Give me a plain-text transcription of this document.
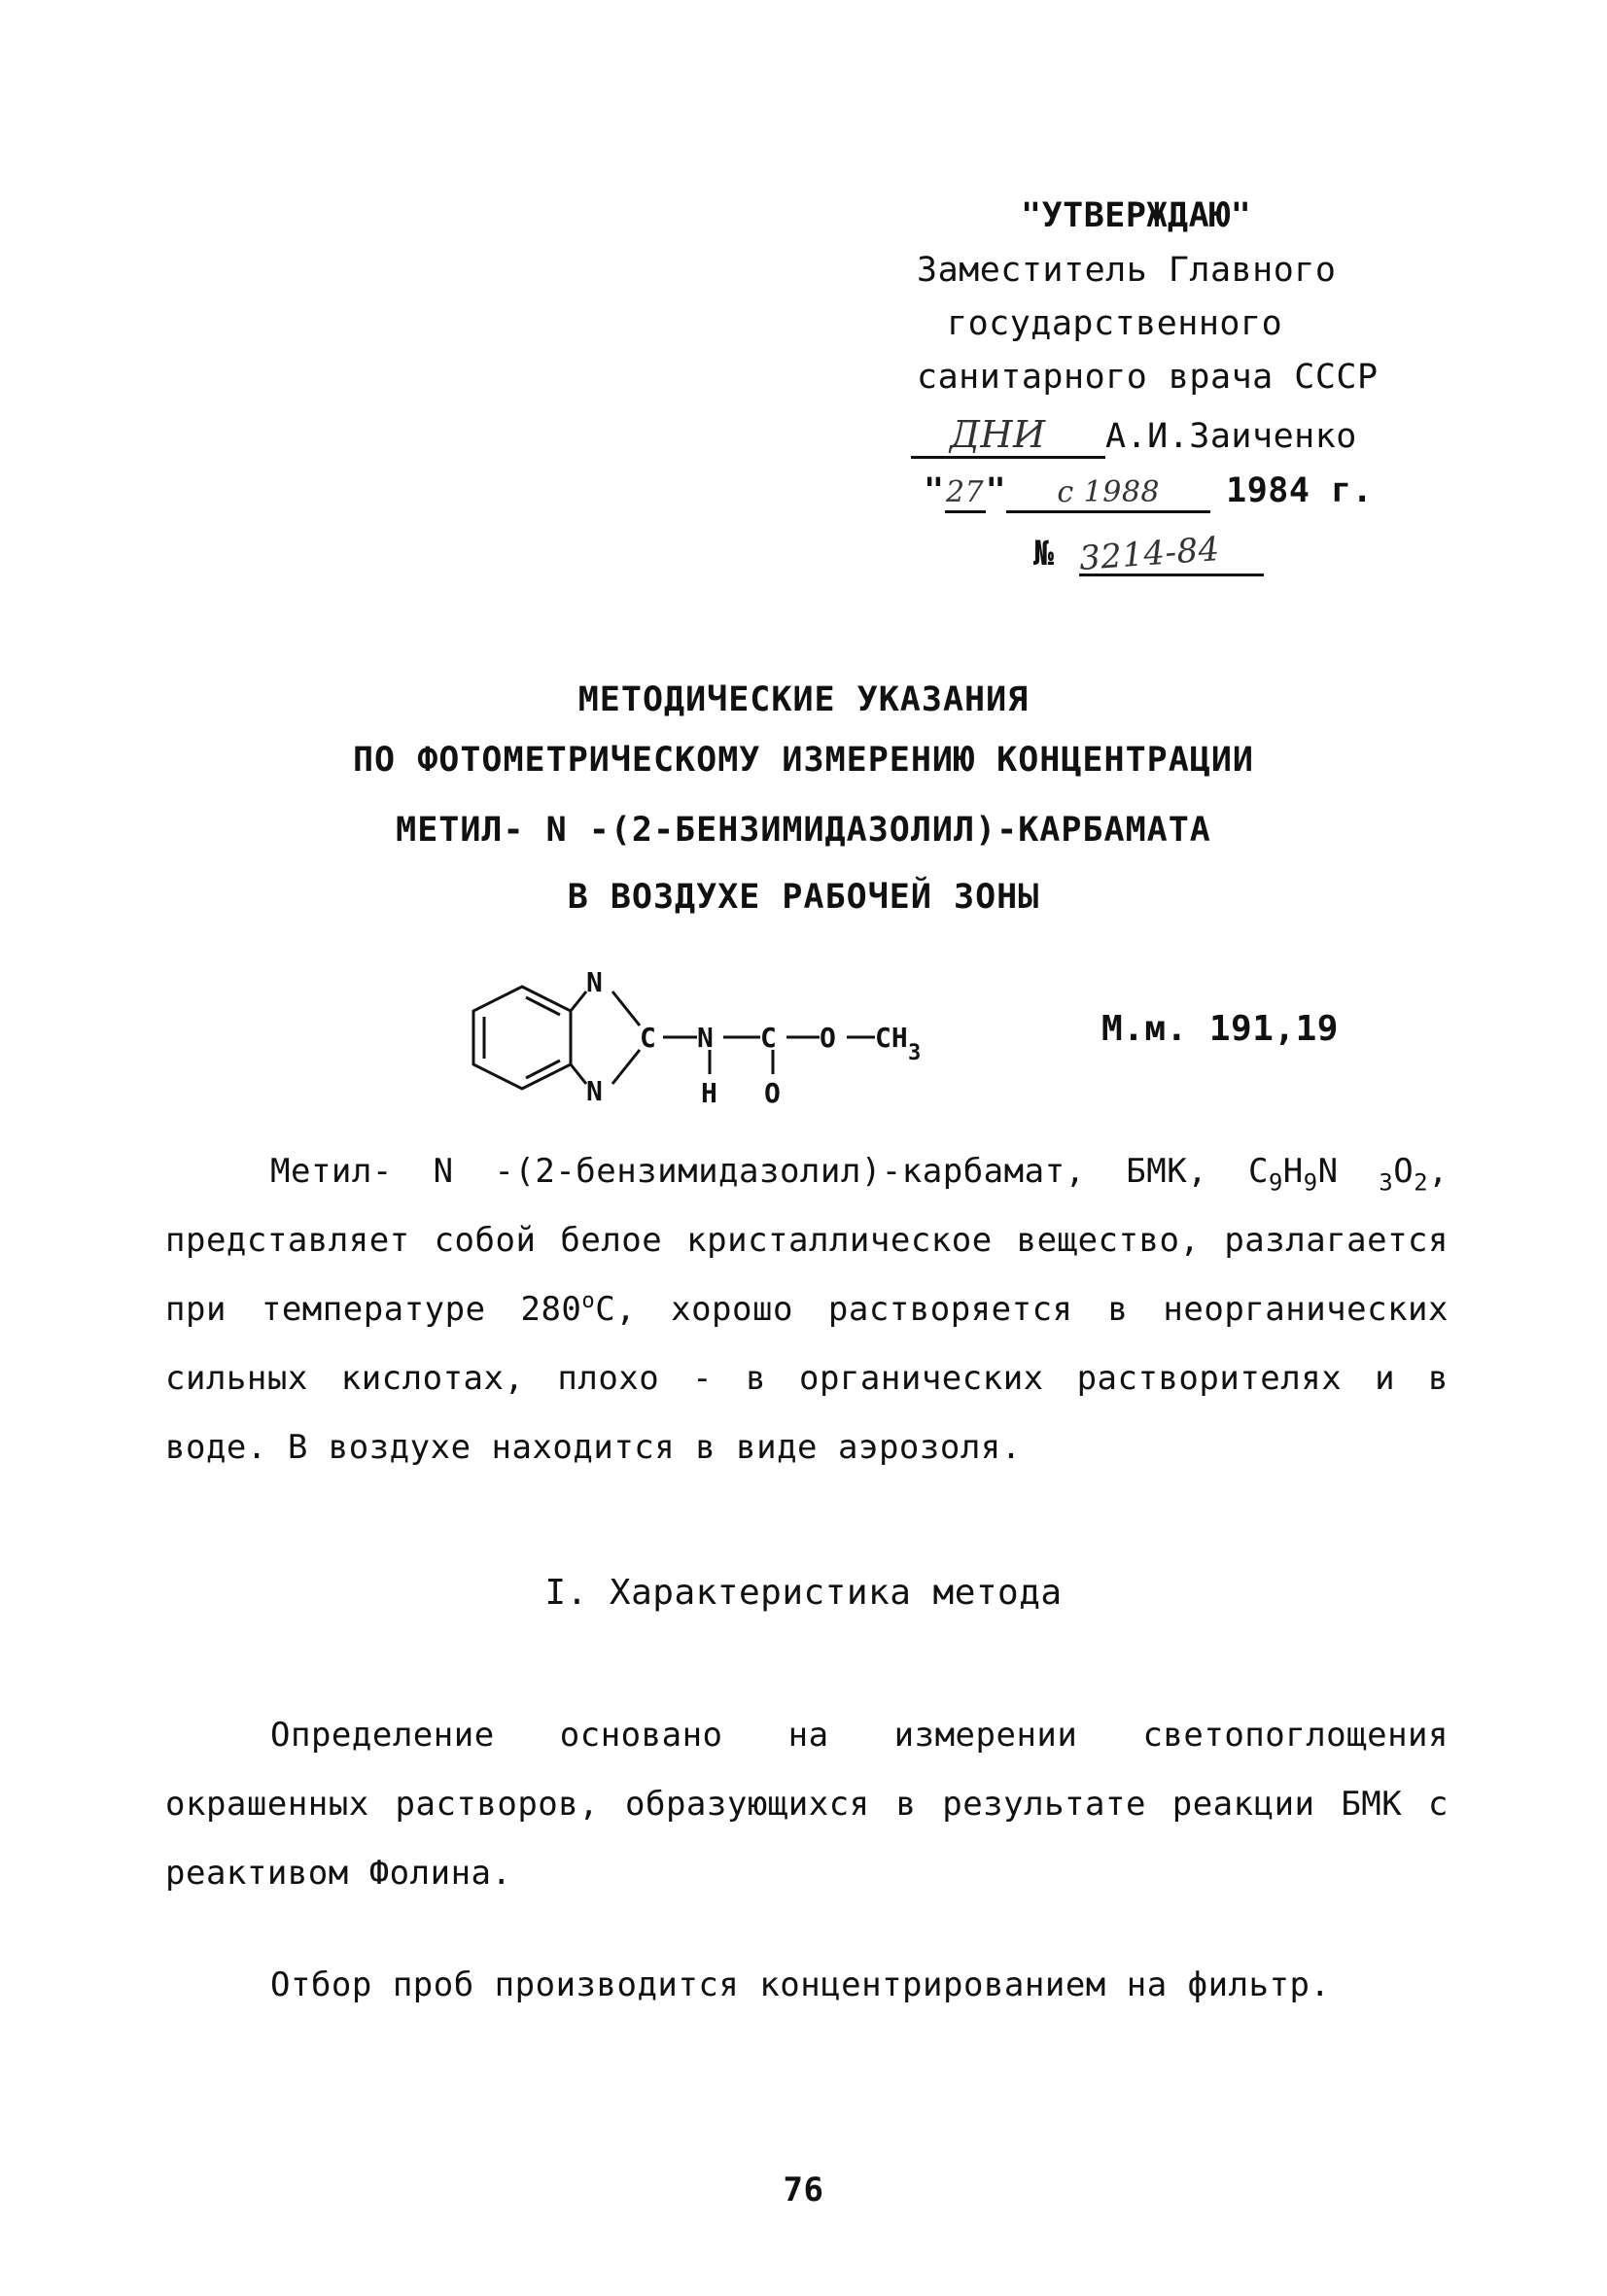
"УТВЕРЖДАЮ"
Заместитель Главного
государственного
санитарного врача СССР
ДНИ А.И.Заиченко
"27" с 1988 1984 г.
№ 3214-84
МЕТОДИЧЕСКИЕ УКАЗАНИЯ
ПО ФОТОМЕТРИЧЕСКОМУ ИЗМЕРЕНИЮ КОНЦЕНТРАЦИИ
МЕТИЛ- N -(2-БЕНЗИМИДАЗОЛИЛ)-КАРБАМАТА
В ВОЗДУХЕ РАБОЧЕЙ ЗОНЫ
N
N
C N C O CH 3
H O
М.м. 191,19

Метил- N -(2-бензимидазолил)-карбамат, БМК, $С_9Н_9N$ $_3О_2$, представляет собой белое кристаллическое вещество, разлагается при температуре $280^оС$, хорошо растворяется в неорганических сильных кислотах, плохо - в органических растворителях и в воде. В воздухе находится в виде аэрозоля.

I. Характеристика метода

Определение основано на измерении светопоглощения окрашенных растворов, образующихся в результате реакции БМК с реактивом Фолина.

Отбор проб производится концентрированием на фильтр.

76
